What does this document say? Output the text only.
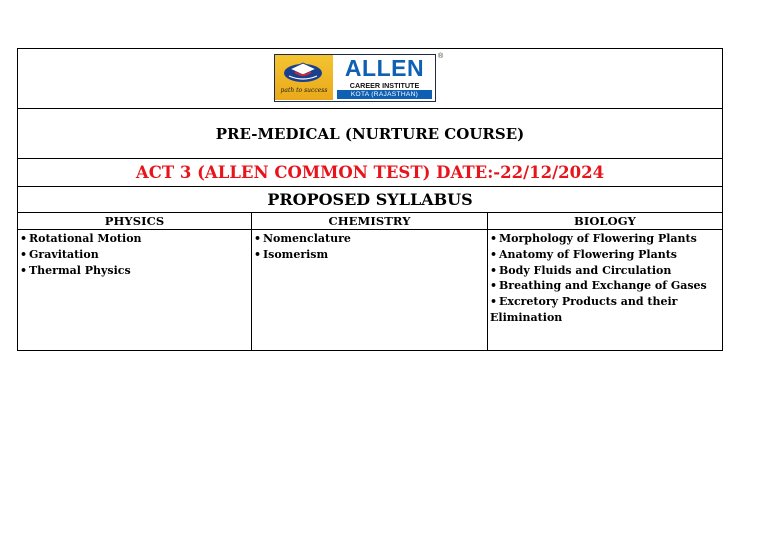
path to success
ALLEN
CAREER INSTITUTE
KOTA (RAJASTHAN)
®
PRE-MEDICAL (NURTURE COURSE)
ACT 3 (ALLEN COMMON TEST) DATE:-22/12/2024
PROPOSED SYLLABUS
PHYSICS	CHEMISTRY	BIOLOGY
• Rotational Motion
• Gravitation
• Thermal Physics
• Nomenclature
• Isomerism
• Morphology of Flowering Plants
• Anatomy of Flowering Plants
• Body Fluids and Circulation
• Breathing and Exchange of Gases
• Excretory Products and their Elimination
